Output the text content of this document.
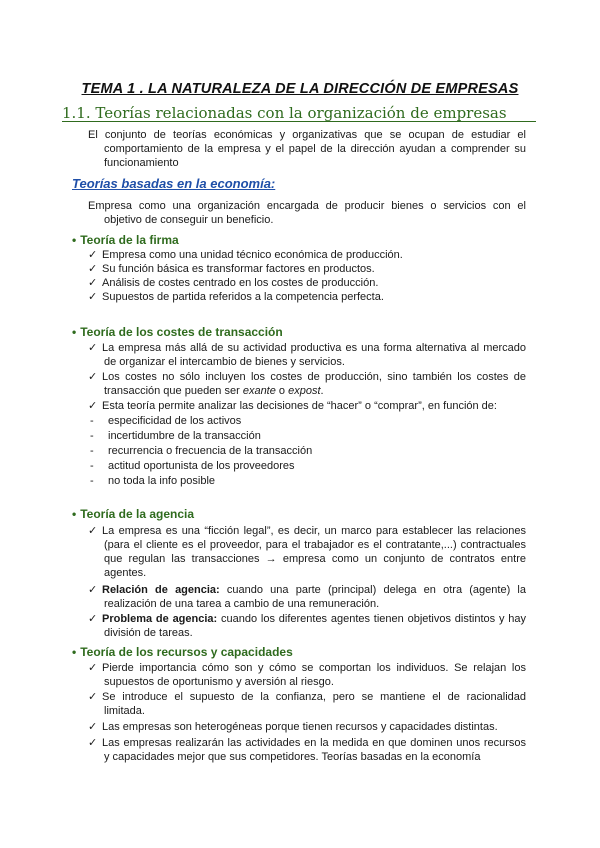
TEMA 1 . LA NATURALEZA DE LA DIRECCIÓN DE EMPRESAS
1.1. Teorías relacionadas con la organización de empresas
El conjunto de teorías económicas y organizativas que se ocupan de estudiar el
comportamiento de la empresa y el papel de la dirección ayudan a comprender su
funcionamiento
Teorías basadas en la economía:
Empresa como una organización encargada de producir bienes o servicios con el
objetivo de conseguir un beneficio.
• Teoría de la firma
✓ Empresa como una unidad técnico económica de producción.
✓ Su función básica es transformar factores en productos.
✓ Análisis de costes centrado en los costes de producción.
✓ Supuestos de partida referidos a la competencia perfecta.
• Teoría de los costes de transacción
✓ La empresa más allá de su actividad productiva es una forma alternativa al mercado
de organizar el intercambio de bienes y servicios.
✓ Los costes no sólo incluyen los costes de producción, sino también los costes de
transacción que pueden ser exante o expost.
✓ Esta teoría permite analizar las decisiones de “hacer” o “comprar”, en función de:
- especificidad de los activos
- incertidumbre de la transacción
- recurrencia o frecuencia de la transacción
- actitud oportunista de los proveedores
- no toda la info posible
• Teoría de la agencia
✓ La empresa es una “ficción legal”, es decir, un marco para establecer las relaciones
(para el cliente es el proveedor, para el trabajador es el contratante,...) contractuales
que regulan las transacciones → empresa como un conjunto de contratos entre
agentes.
✓ Relación de agencia: cuando una parte (principal) delega en otra (agente) la
realización de una tarea a cambio de una remuneración.
✓ Problema de agencia: cuando los diferentes agentes tienen objetivos distintos y hay
división de tareas.
• Teoría de los recursos y capacidades
✓ Pierde importancia cómo son y cómo se comportan los individuos. Se relajan los
supuestos de oportunismo y aversión al riesgo.
✓ Se introduce el supuesto de la confianza, pero se mantiene el de racionalidad
limitada.
✓ Las empresas son heterogéneas porque tienen recursos y capacidades distintas.
✓ Las empresas realizarán las actividades en la medida en que dominen unos recursos
y capacidades mejor que sus competidores. Teorías basadas en la economía
